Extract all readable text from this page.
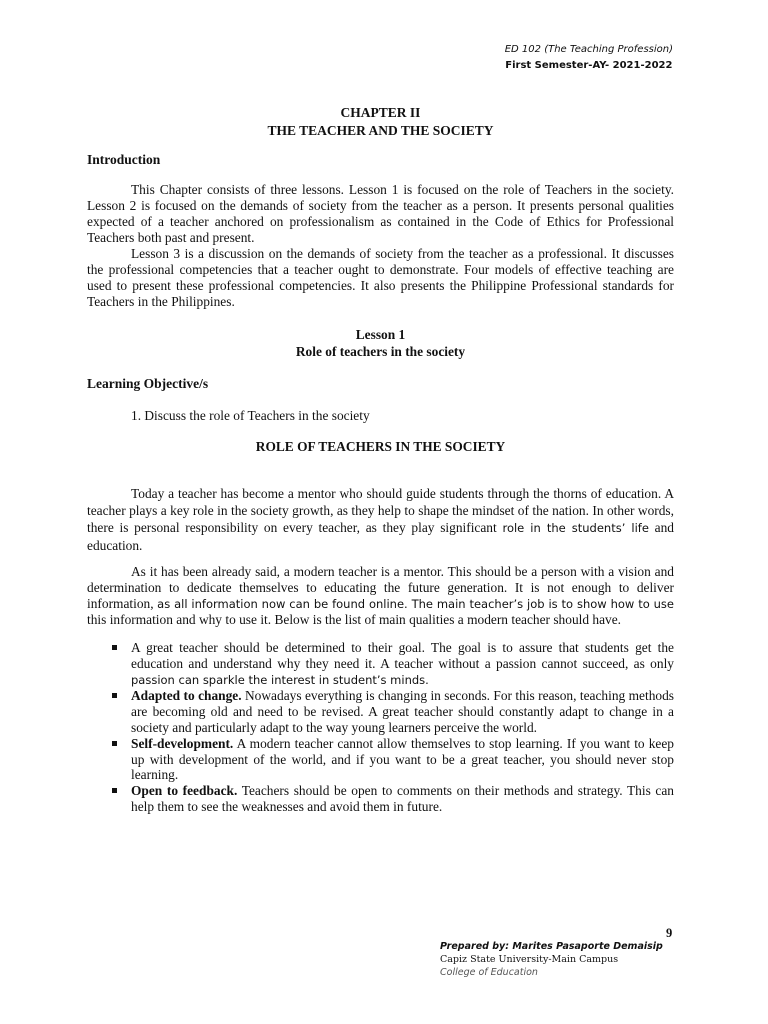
ED 102 (The Teaching Profession)
First Semester-AY- 2021-2022
CHAPTER II
THE TEACHER AND THE SOCIETY
Introduction

This Chapter consists of three lessons. Lesson 1 is focused on the role of Teachers in the society. Lesson 2 is focused on the demands of society from the teacher as a person. It presents personal qualities expected of a teacher anchored on professionalism as contained in the Code of Ethics for Professional Teachers both past and present.

Lesson 3 is a discussion on the demands of society from the teacher as a professional. It discusses the professional competencies that a teacher ought to demonstrate. Four models of effective teaching are used to present these professional competencies. It also presents the Philippine Professional standards for Teachers in the Philippines.

Lesson 1
Role of teachers in the society
Learning Objective/s

1. Discuss the role of Teachers in the society

ROLE OF TEACHERS IN THE SOCIETY

Today a teacher has become a mentor who should guide students through the thorns of education. A teacher plays a key role in the society growth, as they help to shape the mindset of the nation. In other words, there is personal responsibility on every teacher, as they play significant role in the students’ life and education.

As it has been already said, a modern teacher is a mentor. This should be a person with a vision and determination to dedicate themselves to educating the future generation. It is not enough to deliver information, as all information now can be found online. The main teacher’s job is to show how to use this information and why to use it. Below is the list of main qualities a modern teacher should have.

A great teacher should be determined to their goal. The goal is to assure that students get the education and understand why they need it. A teacher without a passion cannot succeed, as only passion can sparkle the interest in student’s minds.
Adapted to change. Nowadays everything is changing in seconds. For this reason, teaching methods are becoming old and need to be revised. A great teacher should constantly adapt to change in a society and particularly adapt to the way young learners perceive the world.
Self-development. A modern teacher cannot allow themselves to stop learning. If you want to keep up with development of the world, and if you want to be a great teacher, you should never stop learning.
Open to feedback. Teachers should be open to comments on their methods and strategy. This can help them to see the weaknesses and avoid them in future.
9
Prepared by: Marites Pasaporte Demaisip
Capiz State University-Main Campus
College of Education
